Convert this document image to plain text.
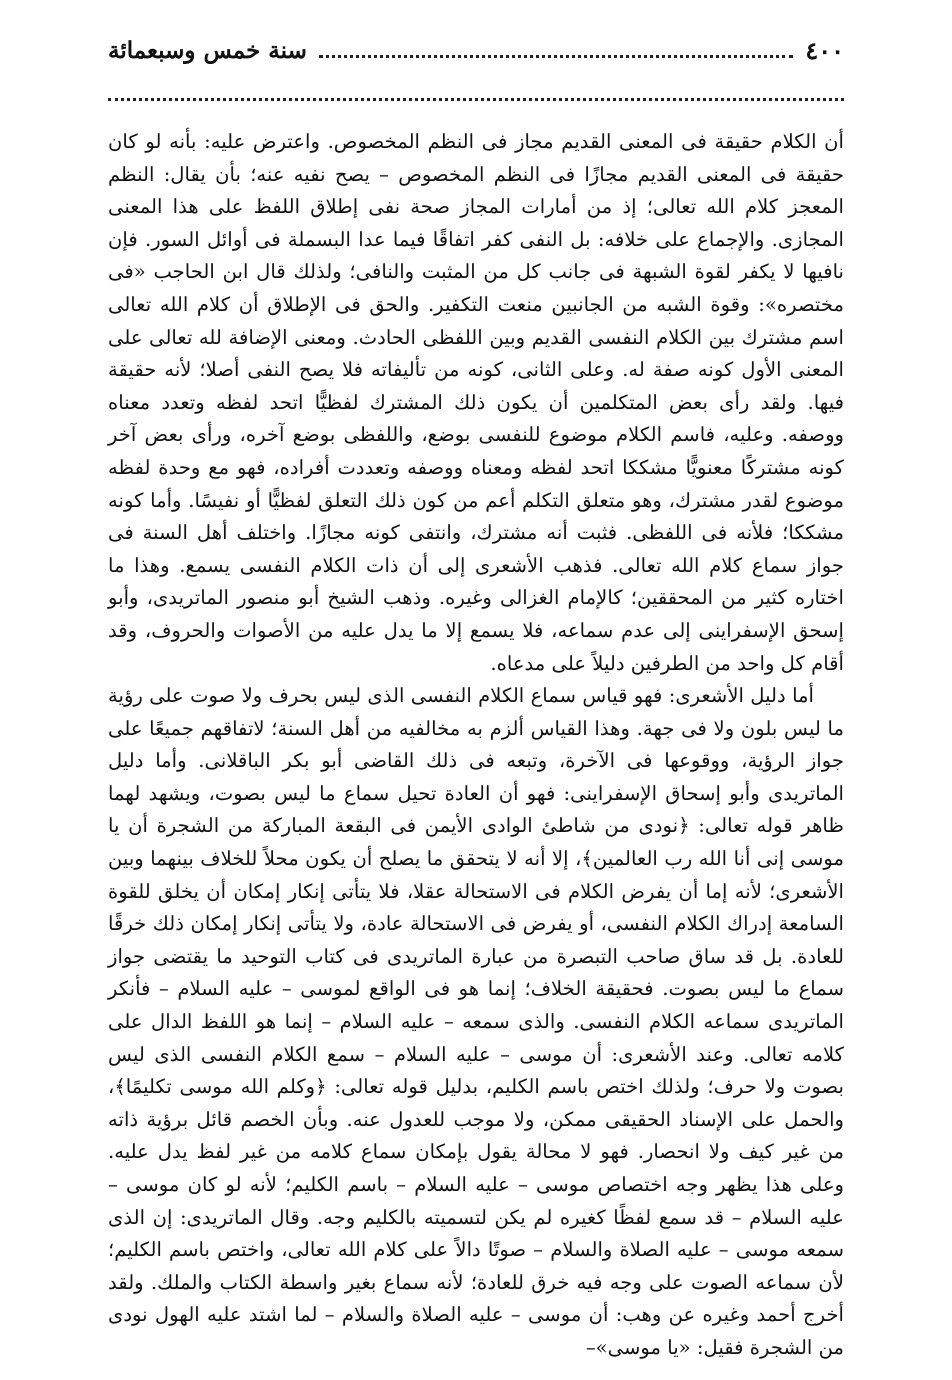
٤٠٠
سنة خمس وسبعمائة

أن الكلام حقيقة فى المعنى القديم مجاز فى النظم المخصوص. واعترض عليه: بأنه لو كان حقيقة فى المعنى القديم مجازًا فى النظم المخصوص – يصح نفيه عنه؛ بأن يقال: النظم المعجز كلام الله تعالى؛ إذ من أمارات المجاز صحة نفى إطلاق اللفظ على هذا المعنى المجازى. والإجماع على خلافه: بل النفى كفر اتفاقًا فيما عدا البسملة فى أوائل السور. فإن نافيها لا يكفر لقوة الشبهة فى جانب كل من المثبت والنافى؛ ولذلك قال ابن الحاجب «فى مختصره»: وقوة الشبه من الجانبين منعت التكفير. والحق فى الإطلاق أن كلام الله تعالى اسم مشترك بين الكلام النفسى القديم وبين اللفظى الحادث. ومعنى الإضافة لله تعالى على المعنى الأول كونه صفة له. وعلى الثانى، كونه من تأليفاته فلا يصح النفى أصلا؛ لأنه حقيقة فيها. ولقد رأى بعض المتكلمين أن يكون ذلك المشترك لفظيًّا اتحد لفظه وتعدد معناه ووصفه. وعليه، فاسم الكلام موضوع للنفسى بوضع، واللفظى بوضع آخره، ورأى بعض آخر كونه مشتركًا معنويًّا مشككا اتحد لفظه ومعناه ووصفه وتعددت أفراده، فهو مع وحدة لفظه موضوع لقدر مشترك، وهو متعلق التكلم أعم من كون ذلك التعلق لفظيًّا أو نفيسًا. وأما كونه مشككا؛ فلأنه فى اللفظى. فثبت أنه مشترك، وانتفى كونه مجازًا. واختلف أهل السنة فى جواز سماع كلام الله تعالى. فذهب الأشعرى إلى أن ذات الكلام النفسى يسمع. وهذا ما اختاره كثير من المحققين؛ كالإمام الغزالى وغيره. وذهب الشيخ أبو منصور الماتريدى، وأبو إسحق الإسفراينى إلى عدم سماعه، فلا يسمع إلا ما يدل عليه من الأصوات والحروف، وقد أقام كل واحد من الطرفين دليلاً على مدعاه.

أما دليل الأشعرى: فهو قياس سماع الكلام النفسى الذى ليس بحرف ولا صوت على رؤية ما ليس بلون ولا فى جهة. وهذا القياس ألزم به مخالفيه من أهل السنة؛ لاتفاقهم جميعًا على جواز الرؤية، ووقوعها فى الآخرة، وتبعه فى ذلك القاضى أبو بكر الباقلانى. وأما دليل الماتريدى وأبو إسحاق الإسفراينى: فهو أن العادة تحيل سماع ما ليس بصوت، ويشهد لهما ظاهر قوله تعالى: ﴿نودى من شاطئ الوادى الأيمن فى البقعة المباركة من الشجرة أن يا موسى إنى أنا الله رب العالمين﴾، إلا أنه لا يتحقق ما يصلح أن يكون محلاً للخلاف بينهما وبين الأشعرى؛ لأنه إما أن يفرض الكلام فى الاستحالة عقلا، فلا يتأتى إنكار إمكان أن يخلق للقوة السامعة إدراك الكلام النفسى، أو يفرض فى الاستحالة عادة، ولا يتأتى إنكار إمكان ذلك خرقًا للعادة. بل قد ساق صاحب التبصرة من عبارة الماتريدى فى كتاب التوحيد ما يقتضى جواز سماع ما ليس بصوت. فحقيقة الخلاف؛ إنما هو فى الواقع لموسى – عليه السلام – فأنكر الماتريدى سماعه الكلام النفسى. والذى سمعه – عليه السلام – إنما هو اللفظ الدال على كلامه تعالى. وعند الأشعرى: أن موسى – عليه السلام – سمع الكلام النفسى الذى ليس بصوت ولا حرف؛ ولذلك اختص باسم الكليم، بدليل قوله تعالى: ﴿وكلم الله موسى تكليمًا﴾، والحمل على الإسناد الحقيقى ممكن، ولا موجب للعدول عنه. وبأن الخصم قائل برؤية ذاته من غير كيف ولا انحصار. فهو لا محالة يقول بإمكان سماع كلامه من غير لفظ يدل عليه. وعلى هذا يظهر وجه اختصاص موسى – عليه السلام – باسم الكليم؛ لأنه لو كان موسى – عليه السلام – قد سمع لفظًا كغيره لم يكن لتسميته بالكليم وجه. وقال الماتريدى: إن الذى سمعه موسى – عليه الصلاة والسلام – صوتًا دالاً على كلام الله تعالى، واختص باسم الكليم؛ لأن سماعه الصوت على وجه فيه خرق للعادة؛ لأنه سماع بغير واسطة الكتاب والملك. ولقد أخرج أحمد وغيره عن وهب: أن موسى – عليه الصلاة والسلام – لما اشتد عليه الهول نودى من الشجرة فقيل: «يا موسى»–
